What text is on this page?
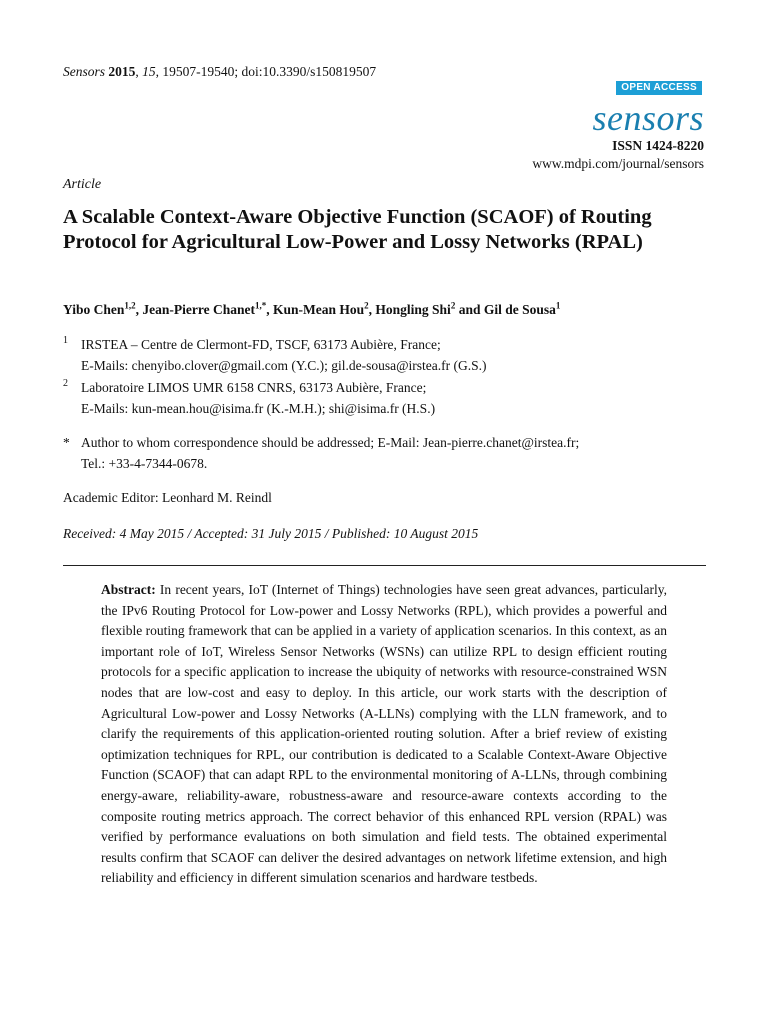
Sensors 2015, 15, 19507-19540; doi:10.3390/s150819507
OPEN ACCESS
sensors
ISSN 1424-8220
www.mdpi.com/journal/sensors
Article
A Scalable Context-Aware Objective Function (SCAOF) of Routing Protocol for Agricultural Low-Power and Lossy Networks (RPAL)
Yibo Chen$^{1,2}$, Jean-Pierre Chanet$^{1,*}$, Kun-Mean Hou$^2$, Hongling Shi$^2$ and Gil de Sousa$^1$
1 IRSTEA – Centre de Clermont-FD, TSCF, 63173 Aubière, France;
E-Mails: chenyibo.clover@gmail.com (Y.C.); gil.de-sousa@irstea.fr (G.S.)
2 Laboratoire LIMOS UMR 6158 CNRS, 63173 Aubière, France;
E-Mails: kun-mean.hou@isima.fr (K.-M.H.); shi@isima.fr (H.S.)
* Author to whom correspondence should be addressed; E-Mail: Jean-pierre.chanet@irstea.fr;
Tel.: +33-4-7344-0678.
Academic Editor: Leonhard M. Reindl
Received: 4 May 2015 / Accepted: 31 July 2015 / Published: 10 August 2015

Abstract: In recent years, IoT (Internet of Things) technologies have seen great advances, particularly, the IPv6 Routing Protocol for Low-power and Lossy Networks (RPL), which provides a powerful and flexible routing framework that can be applied in a variety of application scenarios. In this context, as an important role of IoT, Wireless Sensor Networks (WSNs) can utilize RPL to design efficient routing protocols for a specific application to increase the ubiquity of networks with resource-constrained WSN nodes that are low-cost and easy to deploy. In this article, our work starts with the description of Agricultural Low-power and Lossy Networks (A-LLNs) complying with the LLN framework, and to clarify the requirements of this application-oriented routing solution. After a brief review of existing optimization techniques for RPL, our contribution is dedicated to a Scalable Context-Aware Objective Function (SCAOF) that can adapt RPL to the environmental monitoring of A-LLNs, through combining energy-aware, reliability-aware, robustness-aware and resource-aware contexts according to the composite routing metrics approach. The correct behavior of this enhanced RPL version (RPAL) was verified by performance evaluations on both simulation and field tests. The obtained experimental results confirm that SCAOF can deliver the desired advantages on network lifetime extension, and high reliability and efficiency in different simulation scenarios and hardware testbeds.
